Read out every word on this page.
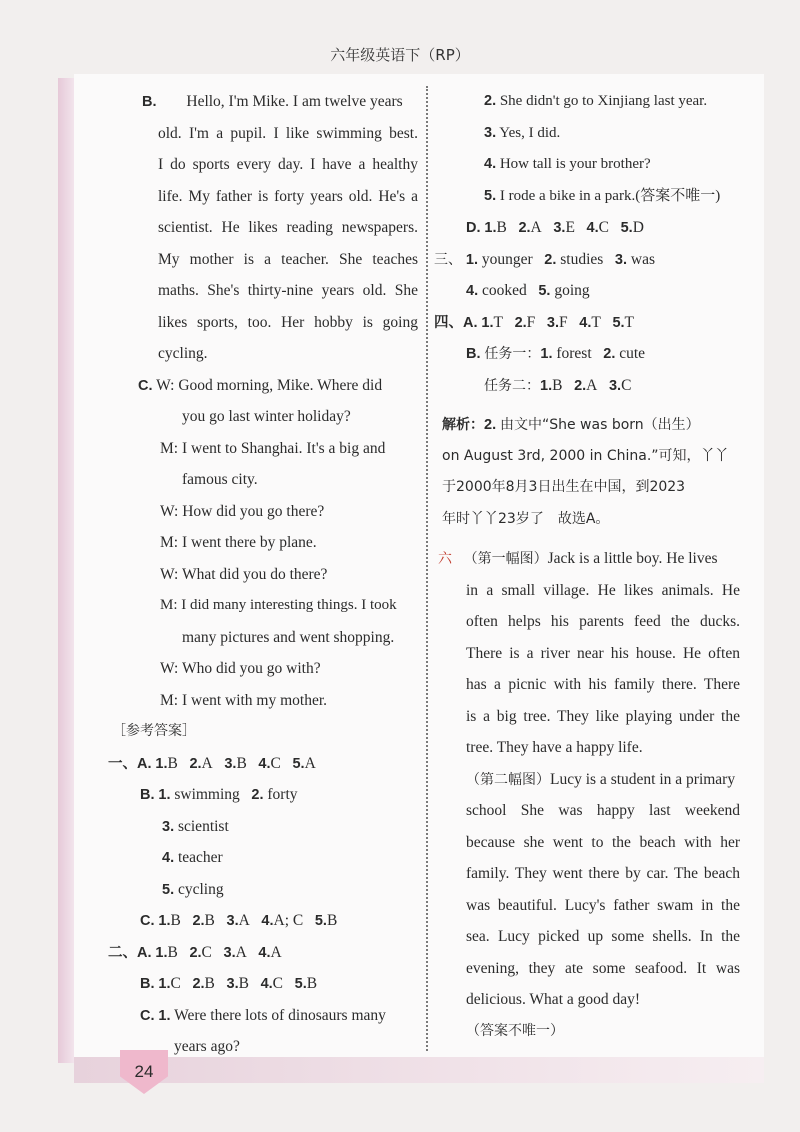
六年级英语下（RP）
24
B. Hello, I'm Mike. I am twelve years
old. I'm a pupil. I like swimming best.
I do sports every day. I have a healthy
life. My father is forty years old. He's a
scientist. He likes reading newspapers.
My mother is a teacher. She teaches
maths. She's thirty-nine years old. She
likes sports, too. Her hobby is going
cycling.
C. W: Good morning, Mike. Where did
you go last winter holiday?
M: I went to Shanghai. It's a big and
famous city.
W: How did you go there?
M: I went there by plane.
W: What did you do there?
M: I did many interesting things. I took
many pictures and went shopping.
W: Who did you go with?
M: I went with my mother.
［参考答案］
一、A. 1.B 2.A 3.B 4.C 5.A
B. 1. swimming 2. forty
3. scientist
4. teacher
5. cycling
C. 1.B 2.B 3.A 4.A; C 5.B
二、A. 1.B 2.C 3.A 4.A
B. 1.C 2.B 3.B 4.C 5.B
C. 1. Were there lots of dinosaurs many
years ago?
2. She didn't go to Xinjiang last year.
3. Yes, I did.
4. How tall is your brother?
5. I rode a bike in a park.(答案不唯一)
D. 1.B 2.A 3.E 4.C 5.D
三、 1. younger 2. studies 3. was
4. cooked 5. going
四、A. 1.T 2.F 3.F 4.T 5.T
B. 任务一：1. forest 2. cute
任务二：1.B 2.A 3.C
解析：2. 由文中“She was born（出生）
on August 3rd, 2000 in China.”可知，丫丫
于2000年8月3日出生在中国，到2023
年时丫丫23岁了　故选A。
六 （第一幅图）Jack is a little boy. He lives
in a small village. He likes animals. He
often helps his parents feed the ducks.
There is a river near his house. He often
has a picnic with his family there. There
is a big tree. They like playing under the
tree. They have a happy life.
（第二幅图）Lucy is a student in a primary
school She was happy last weekend
because she went to the beach with her
family. They went there by car. The beach
was beautiful. Lucy's father swam in the
sea. Lucy picked up some shells. In the
evening, they ate some seafood. It was
delicious. What a good day!
（答案不唯一）
